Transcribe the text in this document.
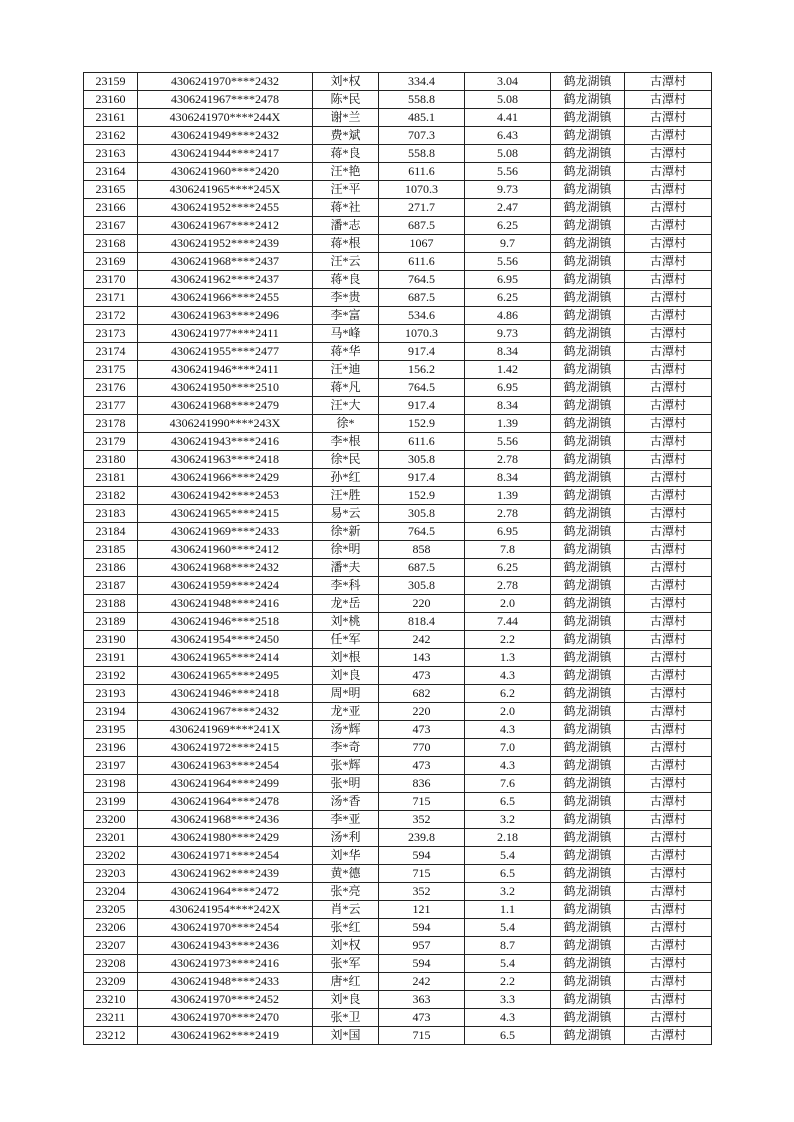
23159	4306241970****2432	刘*权	334.4	3.04	鹤龙湖镇	古潭村
23160	4306241967****2478	陈*民	558.8	5.08	鹤龙湖镇	古潭村
23161	4306241970****244X	谢*兰	485.1	4.41	鹤龙湖镇	古潭村
23162	4306241949****2432	费*斌	707.3	6.43	鹤龙湖镇	古潭村
23163	4306241944****2417	蒋*良	558.8	5.08	鹤龙湖镇	古潭村
23164	4306241960****2420	汪*艳	611.6	5.56	鹤龙湖镇	古潭村
23165	4306241965****245X	汪*平	1070.3	9.73	鹤龙湖镇	古潭村
23166	4306241952****2455	蒋*社	271.7	2.47	鹤龙湖镇	古潭村
23167	4306241967****2412	潘*志	687.5	6.25	鹤龙湖镇	古潭村
23168	4306241952****2439	蒋*根	1067	9.7	鹤龙湖镇	古潭村
23169	4306241968****2437	汪*云	611.6	5.56	鹤龙湖镇	古潭村
23170	4306241962****2437	蒋*良	764.5	6.95	鹤龙湖镇	古潭村
23171	4306241966****2455	李*贵	687.5	6.25	鹤龙湖镇	古潭村
23172	4306241963****2496	李*富	534.6	4.86	鹤龙湖镇	古潭村
23173	4306241977****2411	马*峰	1070.3	9.73	鹤龙湖镇	古潭村
23174	4306241955****2477	蒋*华	917.4	8.34	鹤龙湖镇	古潭村
23175	4306241946****2411	汪*迪	156.2	1.42	鹤龙湖镇	古潭村
23176	4306241950****2510	蒋*凡	764.5	6.95	鹤龙湖镇	古潭村
23177	4306241968****2479	汪*大	917.4	8.34	鹤龙湖镇	古潭村
23178	4306241990****243X	徐*	152.9	1.39	鹤龙湖镇	古潭村
23179	4306241943****2416	李*根	611.6	5.56	鹤龙湖镇	古潭村
23180	4306241963****2418	徐*民	305.8	2.78	鹤龙湖镇	古潭村
23181	4306241966****2429	孙*红	917.4	8.34	鹤龙湖镇	古潭村
23182	4306241942****2453	汪*胜	152.9	1.39	鹤龙湖镇	古潭村
23183	4306241965****2415	易*云	305.8	2.78	鹤龙湖镇	古潭村
23184	4306241969****2433	徐*新	764.5	6.95	鹤龙湖镇	古潭村
23185	4306241960****2412	徐*明	858	7.8	鹤龙湖镇	古潭村
23186	4306241968****2432	潘*夫	687.5	6.25	鹤龙湖镇	古潭村
23187	4306241959****2424	李*科	305.8	2.78	鹤龙湖镇	古潭村
23188	4306241948****2416	龙*岳	220	2.0	鹤龙湖镇	古潭村
23189	4306241946****2518	刘*桃	818.4	7.44	鹤龙湖镇	古潭村
23190	4306241954****2450	任*军	242	2.2	鹤龙湖镇	古潭村
23191	4306241965****2414	刘*根	143	1.3	鹤龙湖镇	古潭村
23192	4306241965****2495	刘*良	473	4.3	鹤龙湖镇	古潭村
23193	4306241946****2418	周*明	682	6.2	鹤龙湖镇	古潭村
23194	4306241967****2432	龙*亚	220	2.0	鹤龙湖镇	古潭村
23195	4306241969****241X	汤*辉	473	4.3	鹤龙湖镇	古潭村
23196	4306241972****2415	李*奇	770	7.0	鹤龙湖镇	古潭村
23197	4306241963****2454	张*辉	473	4.3	鹤龙湖镇	古潭村
23198	4306241964****2499	张*明	836	7.6	鹤龙湖镇	古潭村
23199	4306241964****2478	汤*香	715	6.5	鹤龙湖镇	古潭村
23200	4306241968****2436	李*亚	352	3.2	鹤龙湖镇	古潭村
23201	4306241980****2429	汤*利	239.8	2.18	鹤龙湖镇	古潭村
23202	4306241971****2454	刘*华	594	5.4	鹤龙湖镇	古潭村
23203	4306241962****2439	黄*德	715	6.5	鹤龙湖镇	古潭村
23204	4306241964****2472	张*亮	352	3.2	鹤龙湖镇	古潭村
23205	4306241954****242X	肖*云	121	1.1	鹤龙湖镇	古潭村
23206	4306241970****2454	张*红	594	5.4	鹤龙湖镇	古潭村
23207	4306241943****2436	刘*权	957	8.7	鹤龙湖镇	古潭村
23208	4306241973****2416	张*军	594	5.4	鹤龙湖镇	古潭村
23209	4306241948****2433	唐*红	242	2.2	鹤龙湖镇	古潭村
23210	4306241970****2452	刘*良	363	3.3	鹤龙湖镇	古潭村
23211	4306241970****2470	张*卫	473	4.3	鹤龙湖镇	古潭村
23212	4306241962****2419	刘*国	715	6.5	鹤龙湖镇	古潭村
